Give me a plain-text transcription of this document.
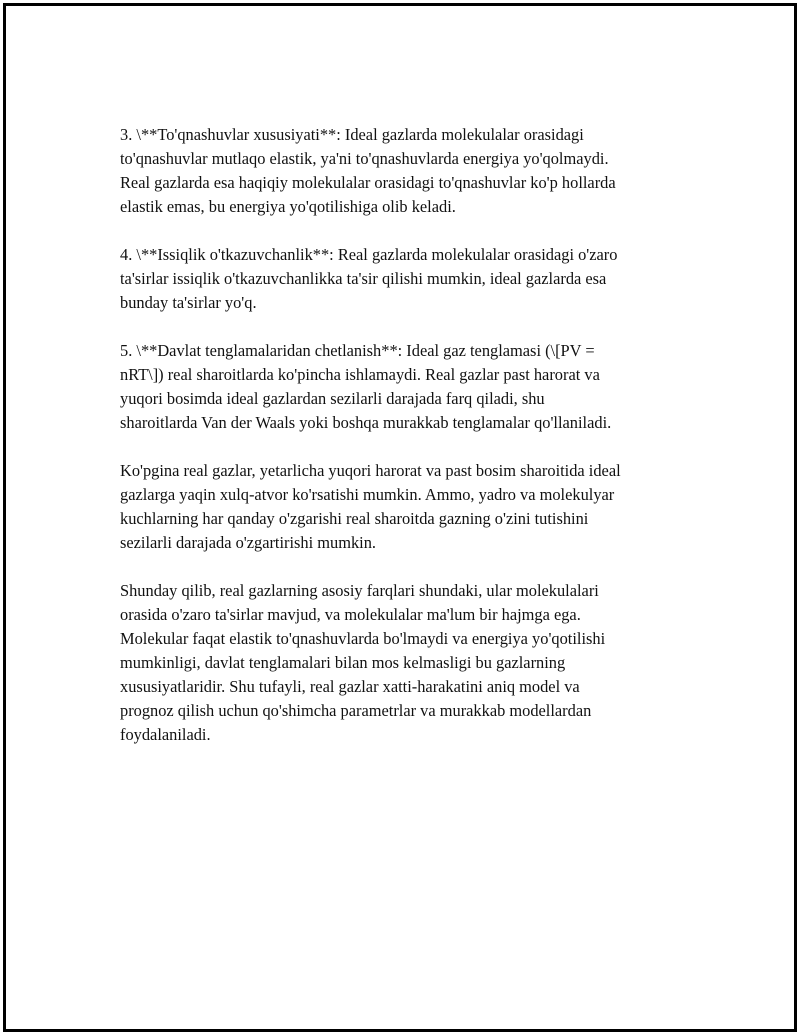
3. \**To'qnashuvlar xususiyati**: Ideal gazlarda molekulalar orasidagi
to'qnashuvlar mutlaqo elastik, ya'ni to'qnashuvlarda energiya yo'qolmaydi.
Real gazlarda esa haqiqiy molekulalar orasidagi to'qnashuvlar ko'p hollarda
elastik emas, bu energiya yo'qotilishiga olib keladi.

4. \**Issiqlik o'tkazuvchanlik**: Real gazlarda molekulalar orasidagi o'zaro
ta'sirlar issiqlik o'tkazuvchanlikka ta'sir qilishi mumkin, ideal gazlarda esa
bunday ta'sirlar yo'q.

5. \**Davlat tenglamalaridan chetlanish**: Ideal gaz tenglamasi (\[PV =
nRT\]) real sharoitlarda ko'pincha ishlamaydi. Real gazlar past harorat va
yuqori bosimda ideal gazlardan sezilarli darajada farq qiladi, shu
sharoitlarda Van der Waals yoki boshqa murakkab tenglamalar qo'llaniladi.

Ko'pgina real gazlar, yetarlicha yuqori harorat va past bosim sharoitida ideal
gazlarga yaqin xulq-atvor ko'rsatishi mumkin. Ammo, yadro va molekulyar
kuchlarning har qanday o'zgarishi real sharoitda gazning o'zini tutishini
sezilarli darajada o'zgartirishi mumkin.

Shunday qilib, real gazlarning asosiy farqlari shundaki, ular molekulalari
orasida o'zaro ta'sirlar mavjud, va molekulalar ma'lum bir hajmga ega.
Molekular faqat elastik to'qnashuvlarda bo'lmaydi va energiya yo'qotilishi
mumkinligi, davlat tenglamalari bilan mos kelmasligi bu gazlarning
xususiyatlaridir. Shu tufayli, real gazlar xatti-harakatini aniq model va
prognoz qilish uchun qo'shimcha parametrlar va murakkab modellardan
foydalaniladi.
